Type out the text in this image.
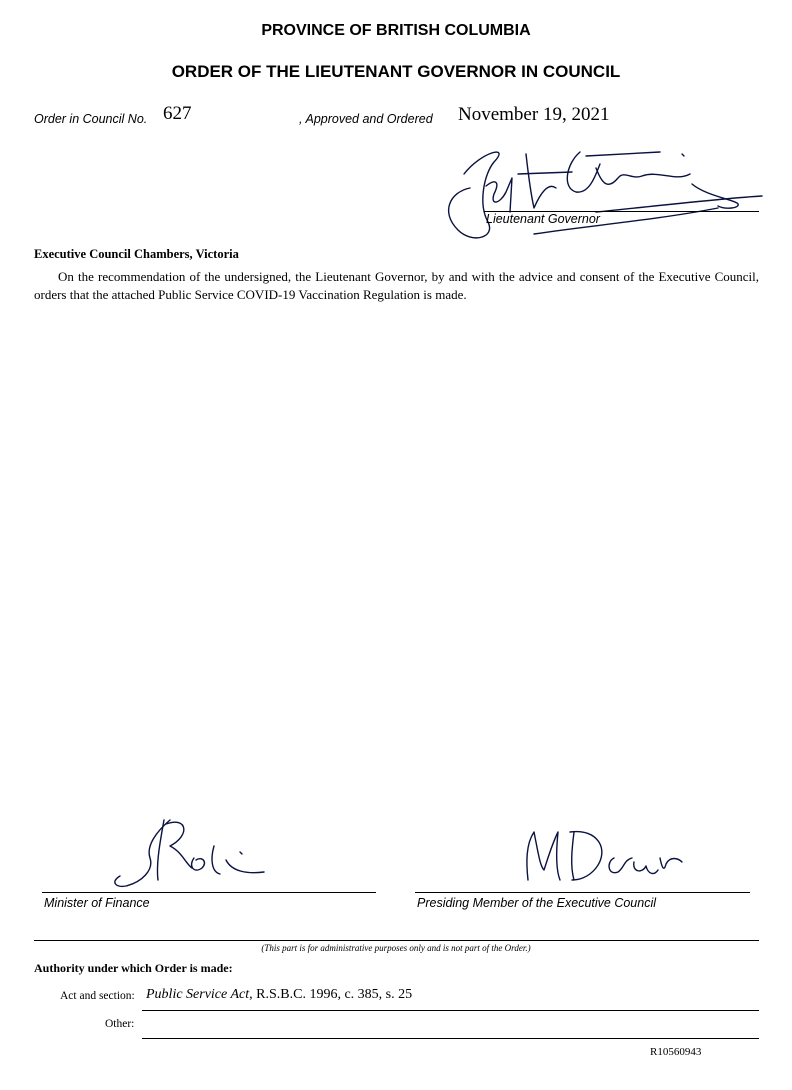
PROVINCE OF BRITISH COLUMBIA
ORDER OF THE LIEUTENANT GOVERNOR IN COUNCIL
Order in Council No. 627	, Approved and Ordered November 19, 2021
Lieutenant Governor
Executive Council Chambers, Victoria
On the recommendation of the undersigned, the Lieutenant Governor, by and with the advice and consent of the Executive Council, orders that the attached Public Service COVID-19 Vaccination Regulation is made.
Minister of Finance	Presiding Member of the Executive Council
(This part is for administrative purposes only and is not part of the Order.)
Authority under which Order is made:
Act and section: Public Service Act, R.S.B.C. 1996, c. 385, s. 25
Other:
R10560943
